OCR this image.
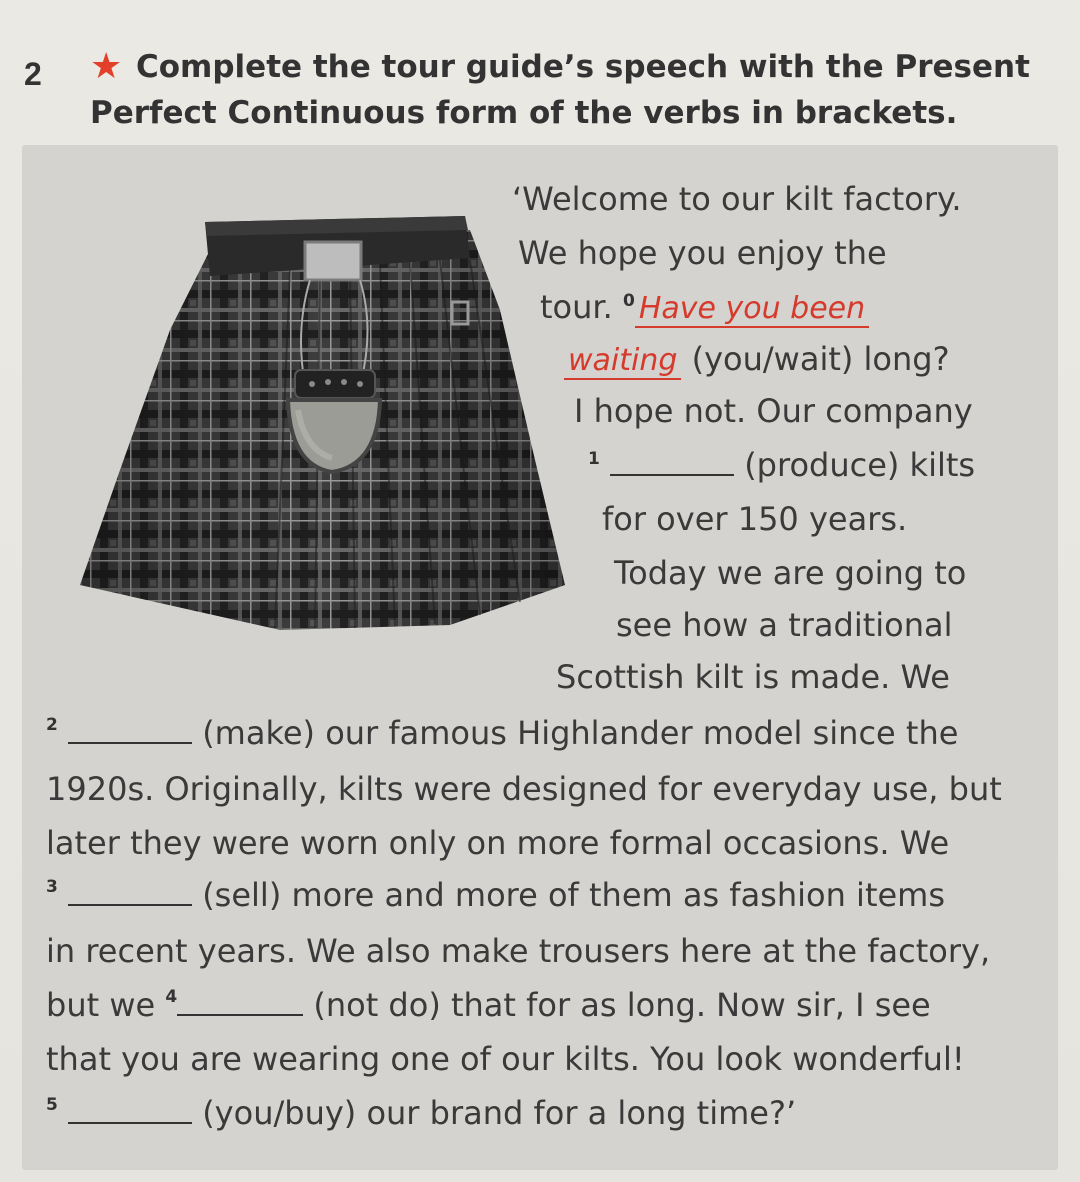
2 ★ Complete the tour guide’s speech with the Present Perfect Continuous form of the verbs in brackets.
‘Welcome to our kilt factory.
We hope you enjoy the
tour. $^0$ Have you been
waiting (you/wait) long?
I hope not. Our company
$^1$	(produce) kilts
for over 150 years.
Today we are going to
see how a traditional
Scottish kilt is made. We
$^2$	(make) our famous Highlander model since the
1920s. Originally, kilts were designed for everyday use, but
later they were worn only on more formal occasions. We
$^3$	(sell) more and more of them as fashion items
in recent years. We also make trousers here at the factory,
but we $^4$	(not do) that for as long. Now sir, I see
that you are wearing one of our kilts. You look wonderful!
$^5$	(you/buy) our brand for a long time?’
